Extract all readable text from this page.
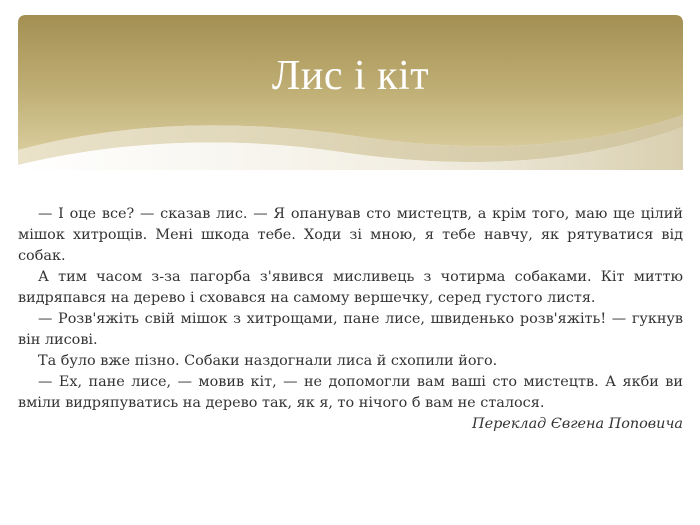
Лис і кіт

— І оце все? — сказав лис. — Я опанував сто мистецтв, а крім того, маю ще цілий мішок хитрощів. Мені шкода тебе. Ходи зі мною, я тебе навчу, як рятуватися від собак.

А тим часом з-за пагорба з'явився мисливець з чотирма собаками. Кіт миттю видряпався на дерево і сховався на самому вершечку, серед густого листя.

— Розв'яжіть свій мішок з хитрощами, пане лисе, швиденько розв'яжіть! — гукнув він лисові.

Та було вже пізно. Собаки наздогнали лиса й схопили його.

— Ех, пане лисе, — мовив кіт, — не допомогли вам ваші сто мистецтв. А якби ви вміли видряпуватись на дерево так, як я, то нічого б вам не сталося.

Переклад Євгена Поповича
